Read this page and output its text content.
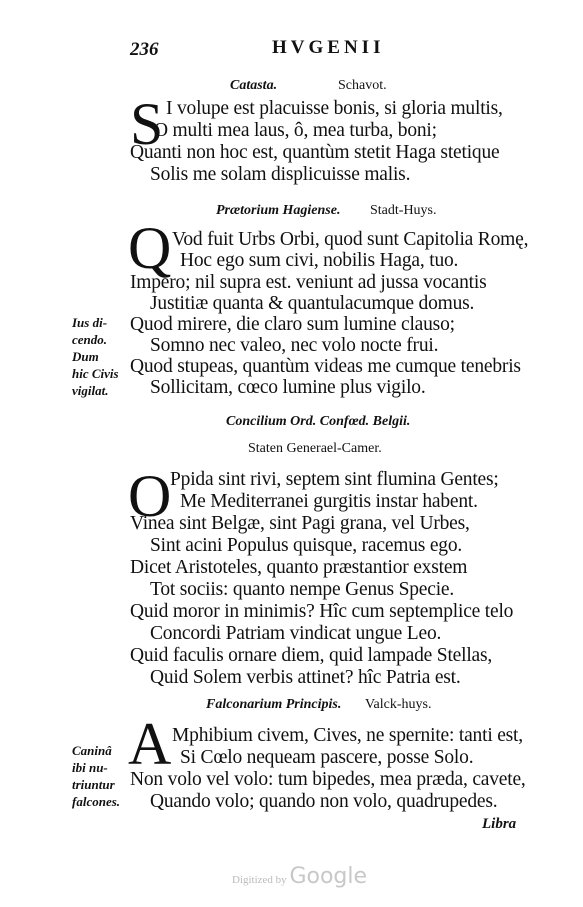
236	HVGENII
Catasta.	Schavot.
S I volupe est placuisse bonis, si gloria multis,
O multi mea laus, ô, mea turba, boni;
Quanti non hoc est, quantùm stetit Haga stetique
Solis me solam displicuisse malis.
Prætorium Hagiense. Stadt-Huys.
Q Vod fuit Urbs Orbi, quod sunt Capitolia Romę,
Hoc ego sum civi, nobilis Haga, tuo.
Impero; nil supra est. veniunt ad jussa vocantis
Justitiæ quanta & quantulacumque domus.
Quod mirere, die claro sum lumine clauso;
Somno nec valeo, nec volo nocte frui.
Quod stupeas, quantùm videas me cumque tenebris
Sollicitam, cœco lumine plus vigilo.
Ius di-
cendo.
Dum
hic Civis
vigilat.
Concilium Ord. Confœd. Belgii.
Staten Generael-Camer.
O
Ppida sint rivi, septem sint flumina Gentes;
Me Mediterranei gurgitis instar habent.
Vinea sint Belgæ, sint Pagi grana, vel Urbes,
Sint acini Populus quisque, racemus ego.
Dicet Aristoteles, quanto præstantior exstem
Tot sociis: quanto nempe Genus Specie.
Quid moror in minimis? Hîc cum septemplice telo
Concordi Patriam vindicat ungue Leo.
Quid faculis ornare diem, quid lampade Stellas,
Quid Solem verbis attinet? hîc Patria est.
Falconarium Principis. Valck-huys.
A Mphibium civem, Cives, ne spernite: tanti est,
Si Cœlo nequeam pascere, posse Solo.
Non volo vel volo: tum bipedes, mea præda, cavete,
Quando volo; quando non volo, quadrupedes.
Caninâ
ibi nu-
triuntur
falcones.
Libra
Digitized by Google
